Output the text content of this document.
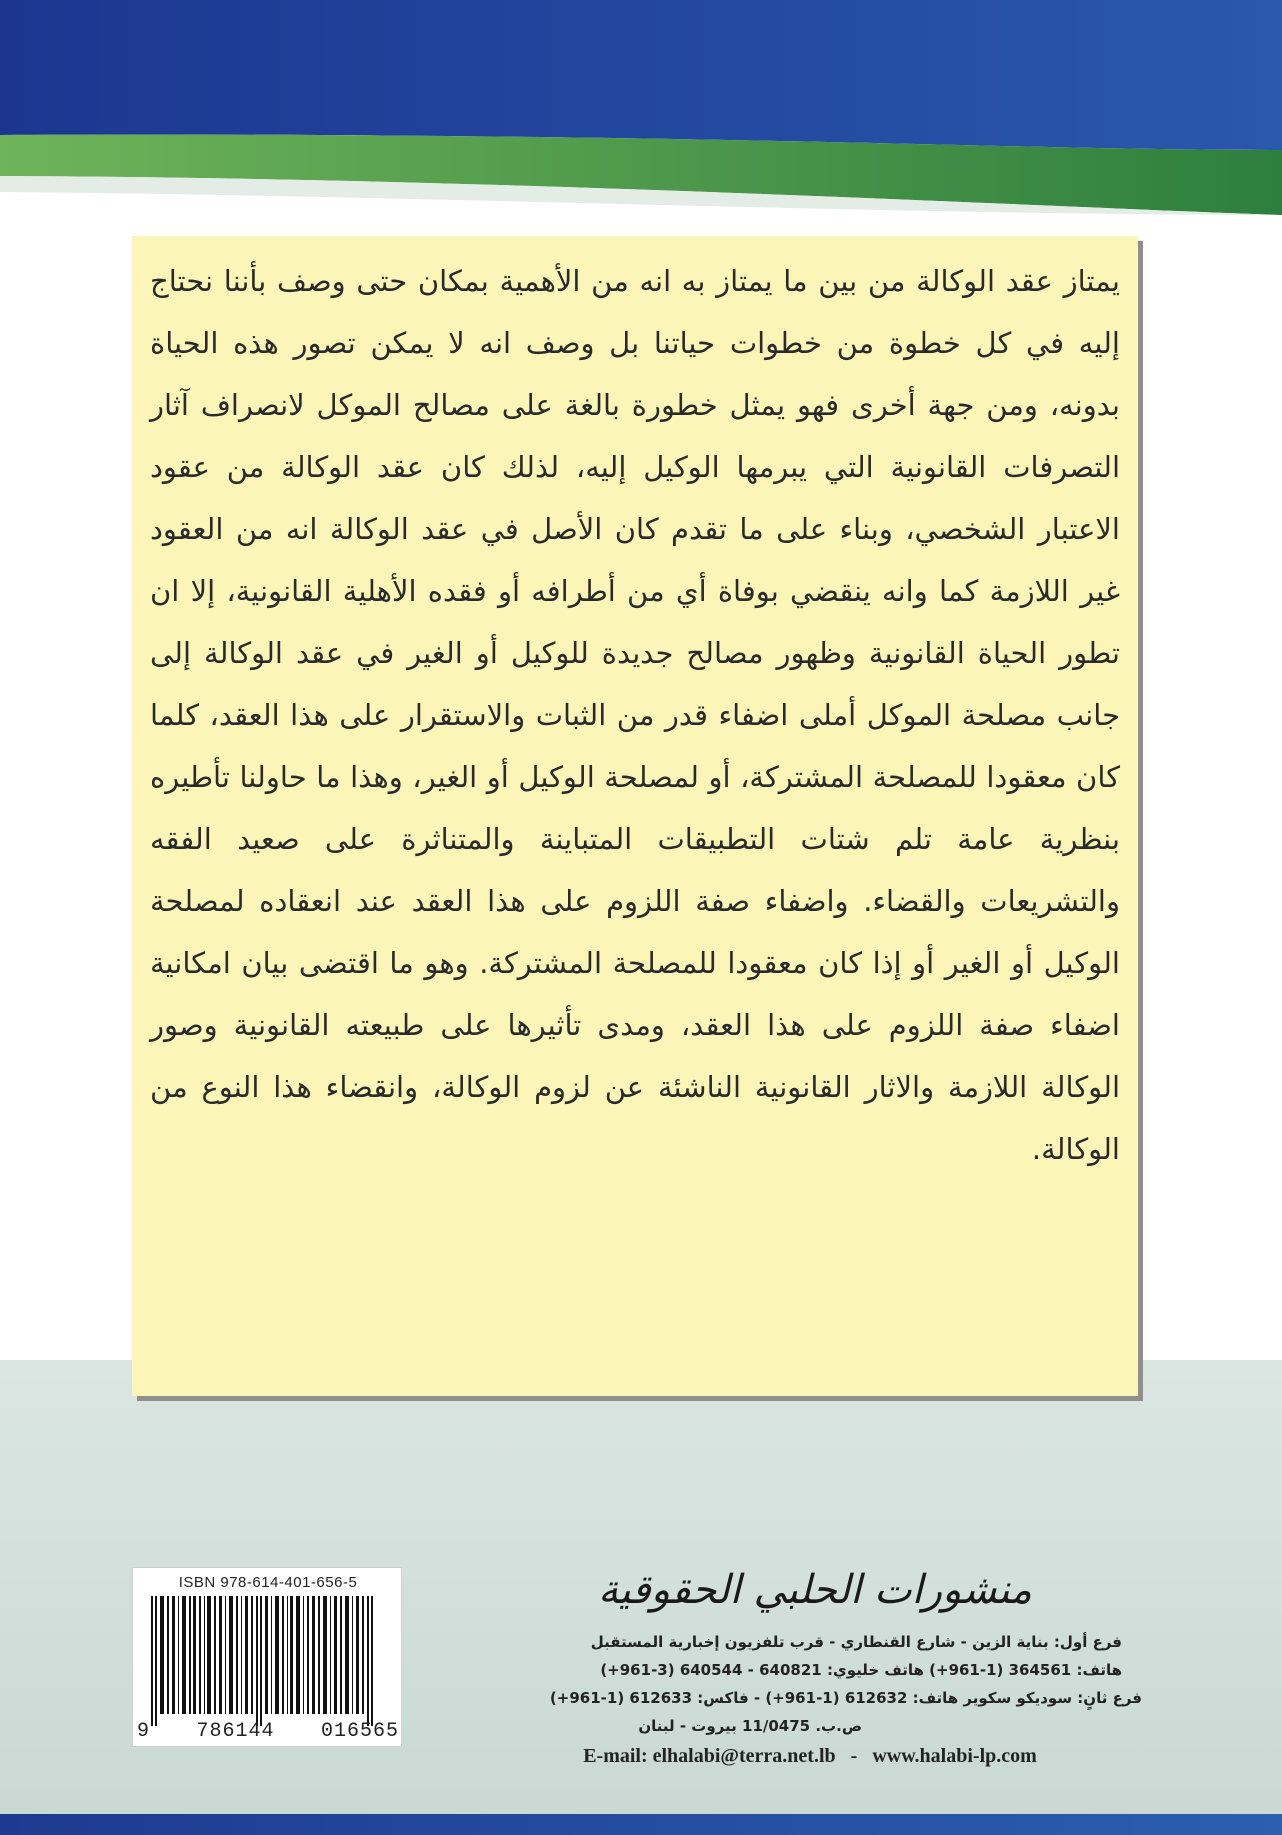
يمتاز عقد الوكالة من بين ما يمتاز به انه من الأهمية بمكان حتى وصف بأننا نحتاج إليه في كل خطوة من خطوات حياتنا بل وصف انه لا يمكن تصور هذه الحياة بدونه، ومن جهة أخرى فهو يمثل خطورة بالغة على مصالح الموكل لانصراف آثار التصرفات القانونية التي يبرمها الوكيل إليه، لذلك كان عقد الوكالة من عقود الاعتبار الشخصي، وبناء على ما تقدم كان الأصل في عقد الوكالة انه من العقود غير اللازمة كما وانه ينقضي بوفاة أي من أطرافه أو فقده الأهلية القانونية، إلا ان تطور الحياة القانونية وظهور مصالح جديدة للوكيل أو الغير في عقد الوكالة إلى جانب مصلحة الموكل أملى اضفاء قدر من الثبات والاستقرار على هذا العقد، كلما كان معقودا للمصلحة المشتركة، أو لمصلحة الوكيل أو الغير، وهذا ما حاولنا تأطيره بنظرية عامة تلم شتات التطبيقات المتباينة والمتناثرة على صعيد الفقه والتشريعات والقضاء. واضفاء صفة اللزوم على هذا العقد عند انعقاده لمصلحة الوكيل أو الغير أو إذا كان معقودا للمصلحة المشتركة. وهو ما اقتضى بيان امكانية اضفاء صفة اللزوم على هذا العقد، ومدى تأثيرها على طبيعته القانونية وصور الوكالة اللازمة والاثار القانونية الناشئة عن لزوم الوكالة، وانقضاء هذا النوع من الوكالة.

ISBN 978-614-401-656-5
9 786144 016565
منشورات الحلبي الحقوقية
فرع أول: بناية الزين - شارع القنطاري - قرب تلفزيون إخبارية المستقبل
هاتف: 364561 (1-961+) هاتف خليوي: 640821 - 640544 (3-961+)
فرع ثانٍ: سوديكو سكوير هاتف: 612632 (1-961+) - فاكس: 612633 (1-961+)
ص.ب. 11/0475 بيروت - لبنان
E-mail: elhalabi@terra.net.lb - www.halabi-lp.com
